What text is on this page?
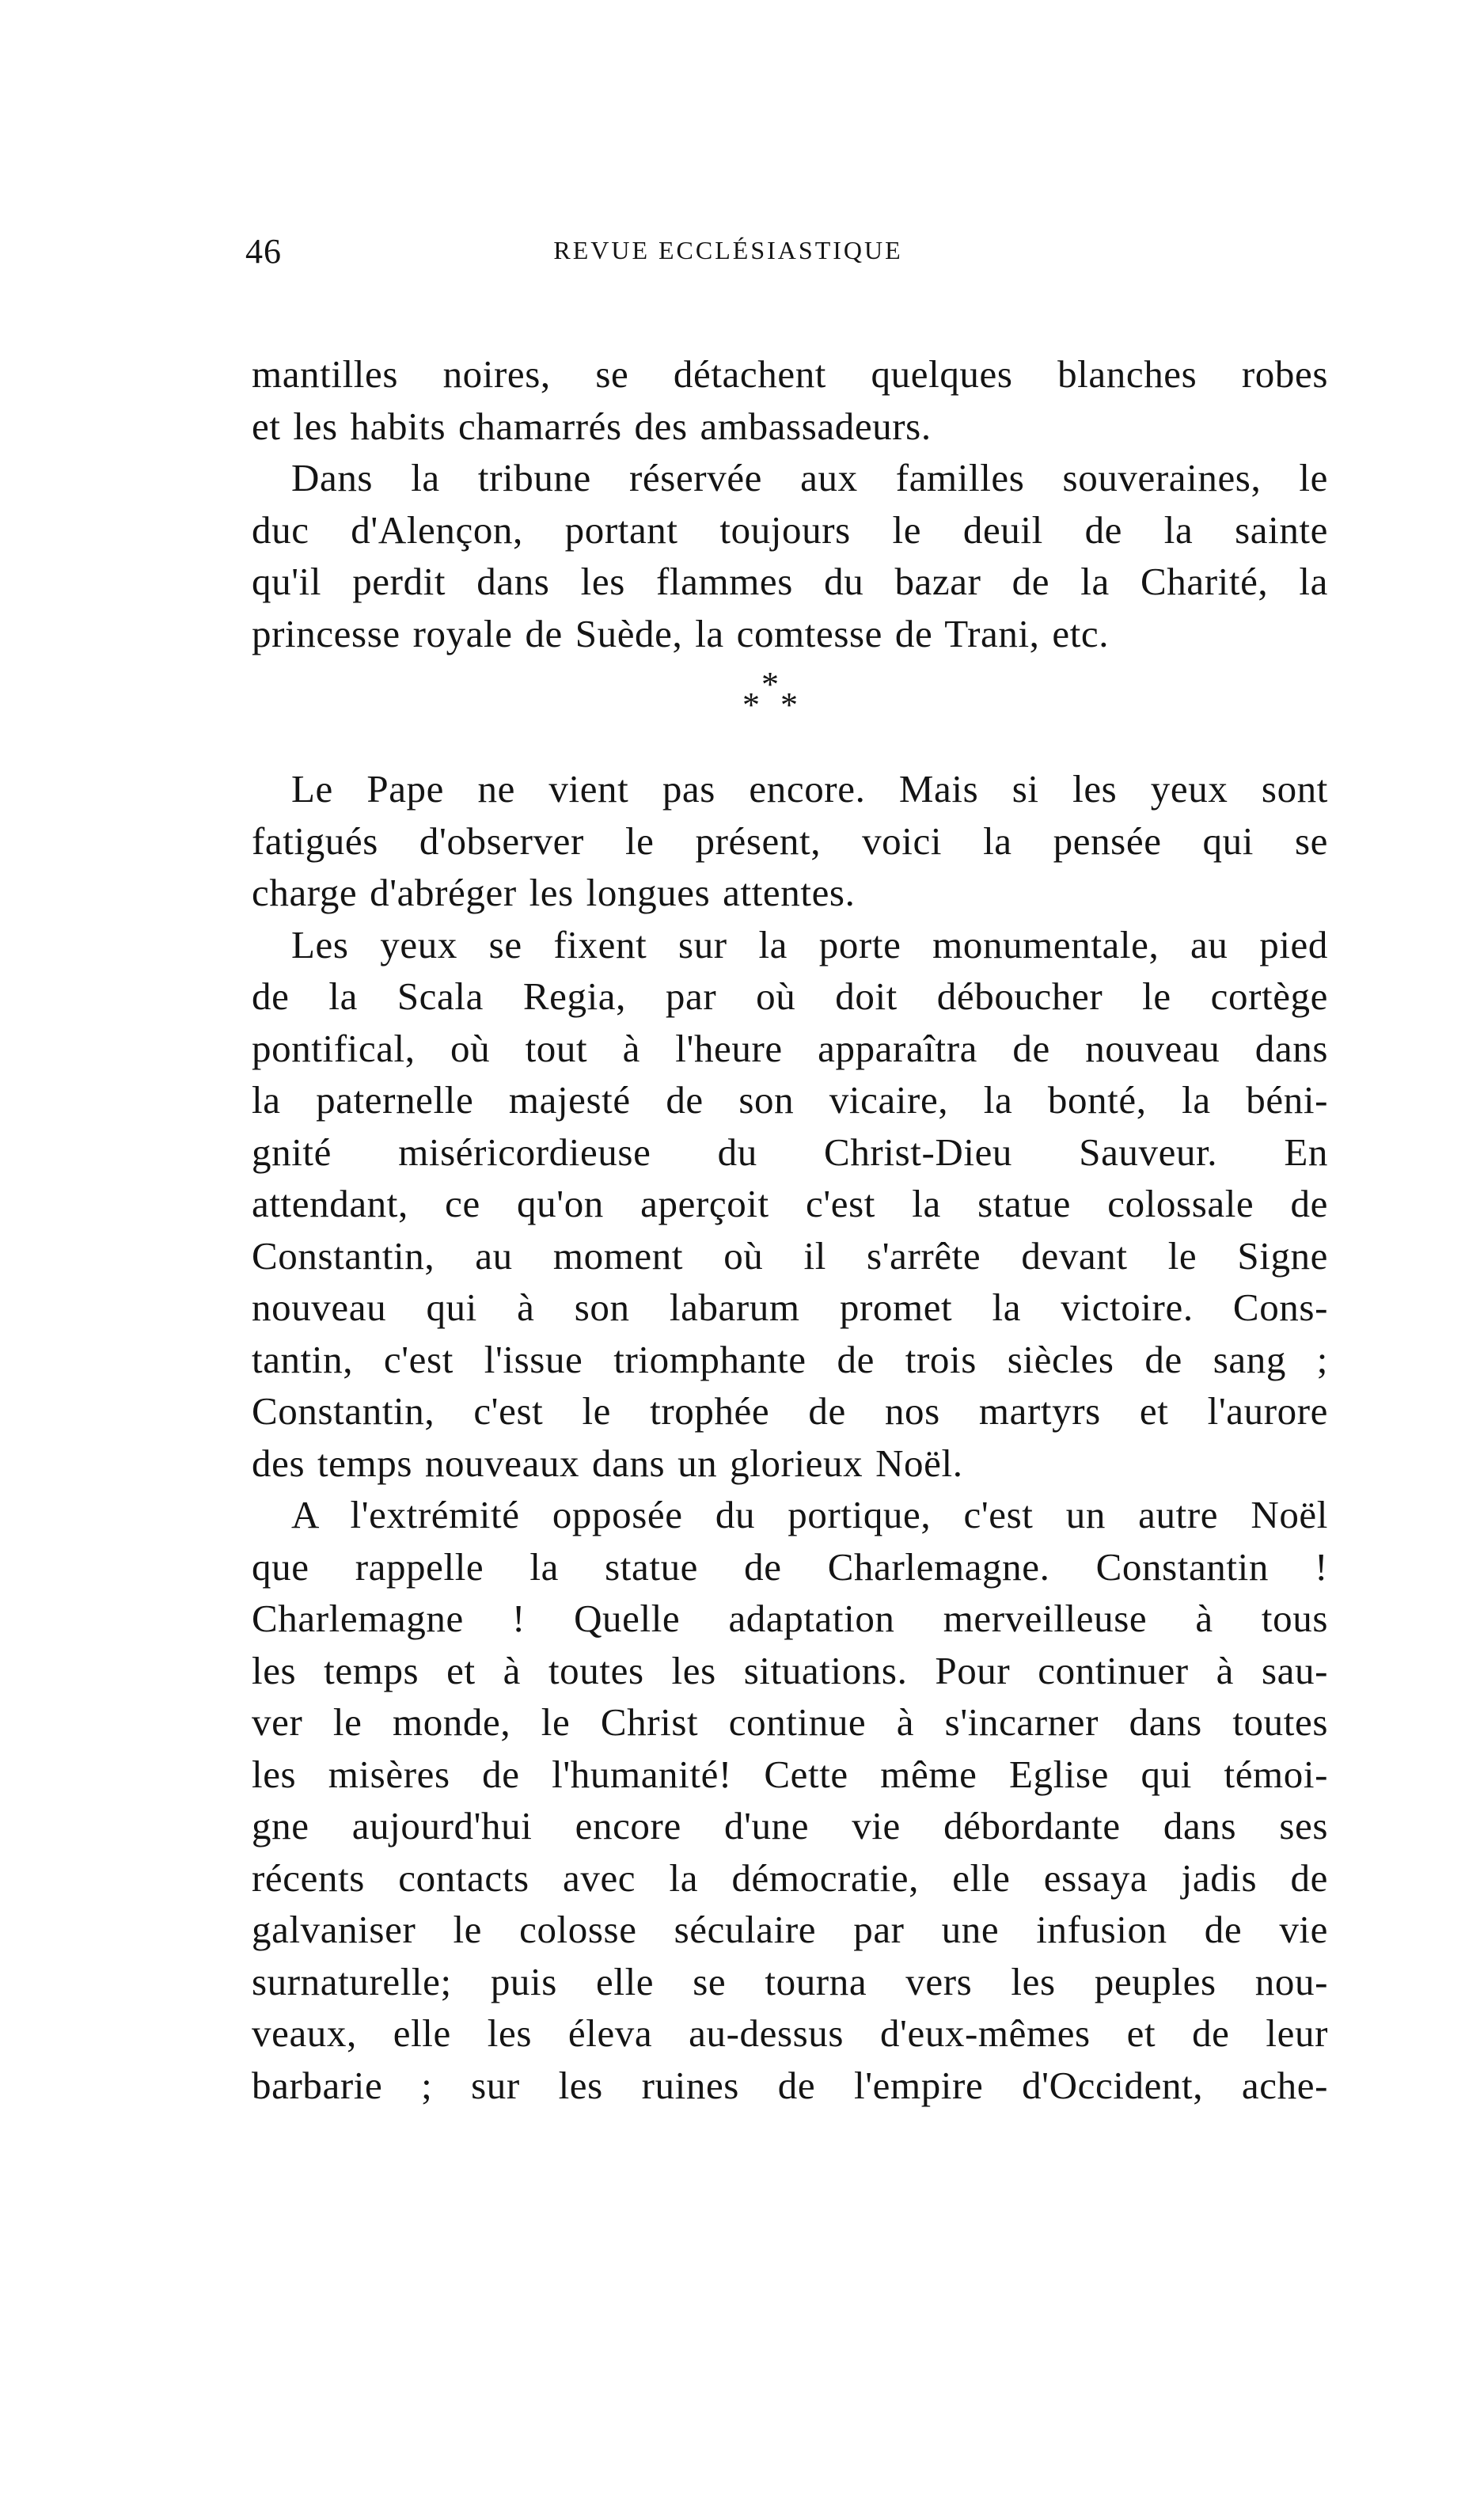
46	REVUE ECCLÉSIASTIQUE
mantilles noires, se détachent quelques blanches robes
et les habits chamarrés des ambassadeurs.
Dans la tribune réservée aux familles souveraines, le
duc d'Alençon, portant toujours le deuil de la sainte
qu'il perdit dans les flammes du bazar de la Charité, la
princesse royale de Suède, la comtesse de Trani, etc.
*
* *
Le Pape ne vient pas encore. Mais si les yeux sont
fatigués d'observer le présent, voici la pensée qui se
charge d'abréger les longues attentes.
Les yeux se fixent sur la porte monumentale, au pied
de la Scala Regia, par où doit déboucher le cortège
pontifical, où tout à l'heure apparaîtra de nouveau dans
la paternelle majesté de son vicaire, la bonté, la béni-
gnité miséricordieuse du Christ-Dieu Sauveur. En
attendant, ce qu'on aperçoit c'est la statue colossale de
Constantin, au moment où il s'arrête devant le Signe
nouveau qui à son labarum promet la victoire. Cons-
tantin, c'est l'issue triomphante de trois siècles de sang ;
Constantin, c'est le trophée de nos martyrs et l'aurore
des temps nouveaux dans un glorieux Noël.
A l'extrémité opposée du portique, c'est un autre Noël
que rappelle la statue de Charlemagne. Constantin !
Charlemagne ! Quelle adaptation merveilleuse à tous
les temps et à toutes les situations. Pour continuer à sau-
ver le monde, le Christ continue à s'incarner dans toutes
les misères de l'humanité! Cette même Eglise qui témoi-
gne aujourd'hui encore d'une vie débordante dans ses
récents contacts avec la démocratie, elle essaya jadis de
galvaniser le colosse séculaire par une infusion de vie
surnaturelle; puis elle se tourna vers les peuples nou-
veaux, elle les éleva au-dessus d'eux-mêmes et de leur
barbarie ; sur les ruines de l'empire d'Occident, ache-
